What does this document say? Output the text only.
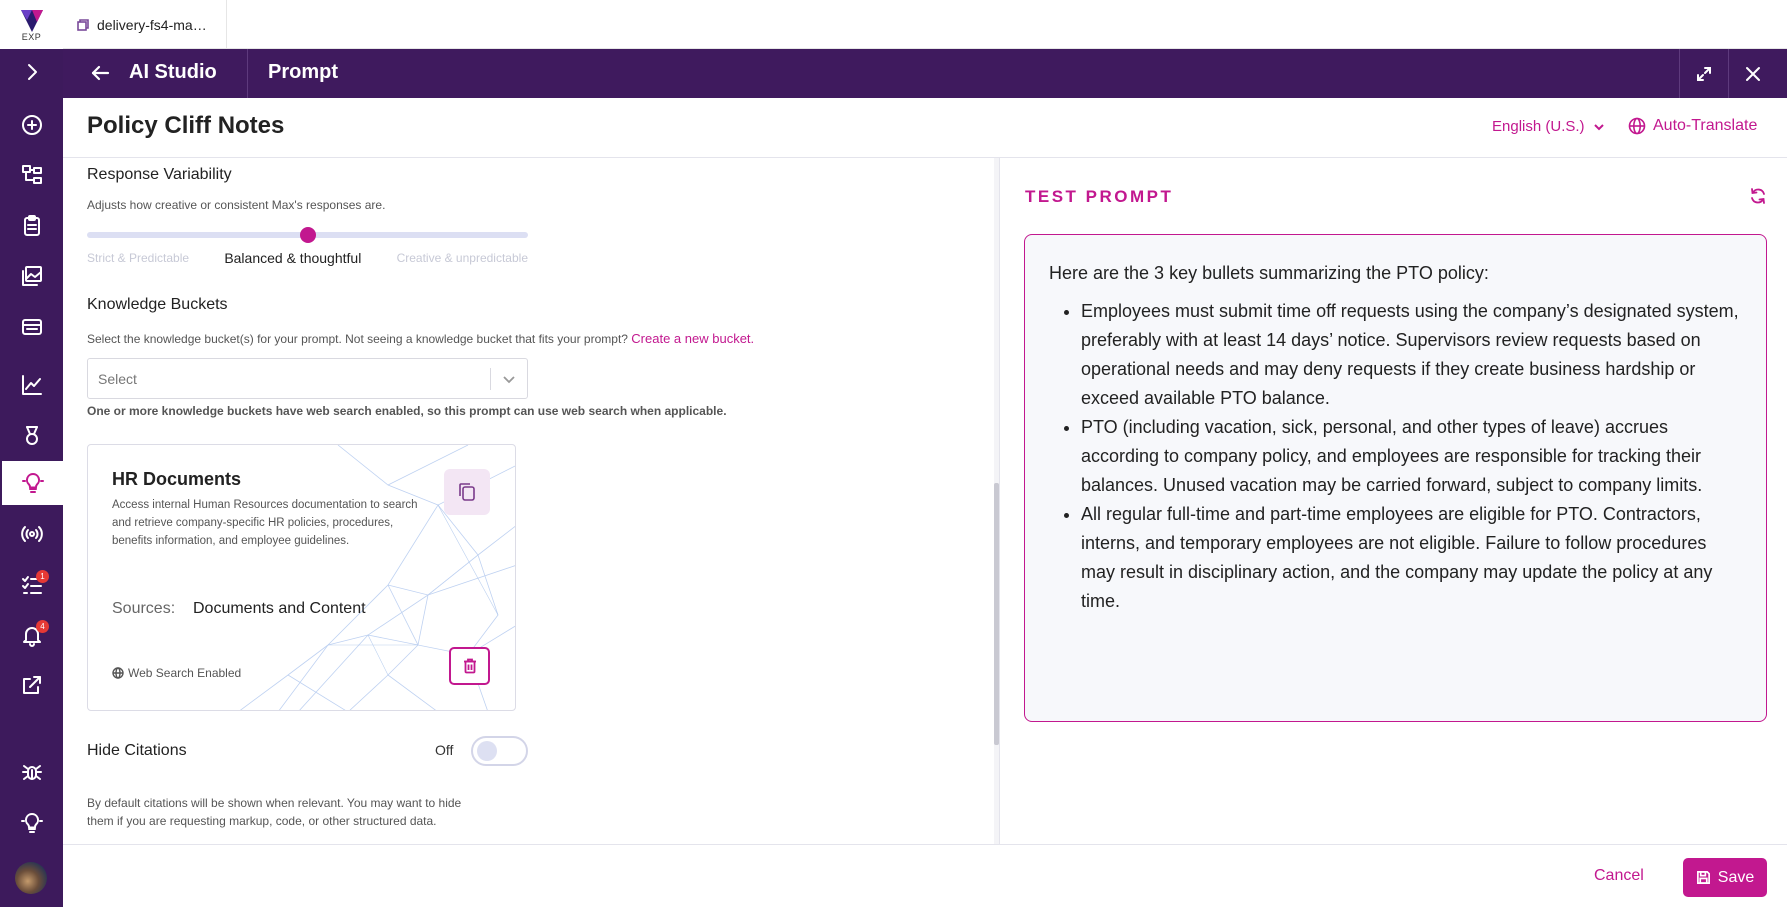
EXP
1
4
delivery-fs4-ma…
AI Studio	Prompt
Policy Cliff Notes	English (U.S.)	Auto-Translate
Response Variability
Adjusts how creative or consistent Max's responses are.
Strict & Predictable	Balanced & thoughtful	Creative & unpredictable
Knowledge Buckets
Select the knowledge bucket(s) for your prompt. Not seeing a knowledge bucket that fits your prompt? Create a new bucket.
Select
One or more knowledge buckets have web search enabled, so this prompt can use web search when applicable.
HR Documents
Access internal Human Resources documentation to search and retrieve company-specific HR policies, procedures, benefits information, and employee guidelines.
Sources: Documents and Content
Web Search Enabled
Hide Citations	Off
By default citations will be shown when relevant. You may want to hide
them if you are requesting markup, code, or other structured data.
TEST PROMPT
Here are the 3 key bullets summarizing the PTO policy:
• Employees must submit time off requests using the company’s designated system, preferably with at least 14 days’ notice. Supervisors review requests based on operational needs and may deny requests if they create business hardship or exceed available PTO balance.
• PTO (including vacation, sick, personal, and other types of leave) accrues according to company policy, and employees are responsible for tracking their balances. Unused vacation may be carried forward, subject to company limits.
• All regular full-time and part-time employees are eligible for PTO. Contractors, interns, and temporary employees are not eligible. Failure to follow procedures may result in disciplinary action, and the company may update the policy at any time.
Cancel	Save
